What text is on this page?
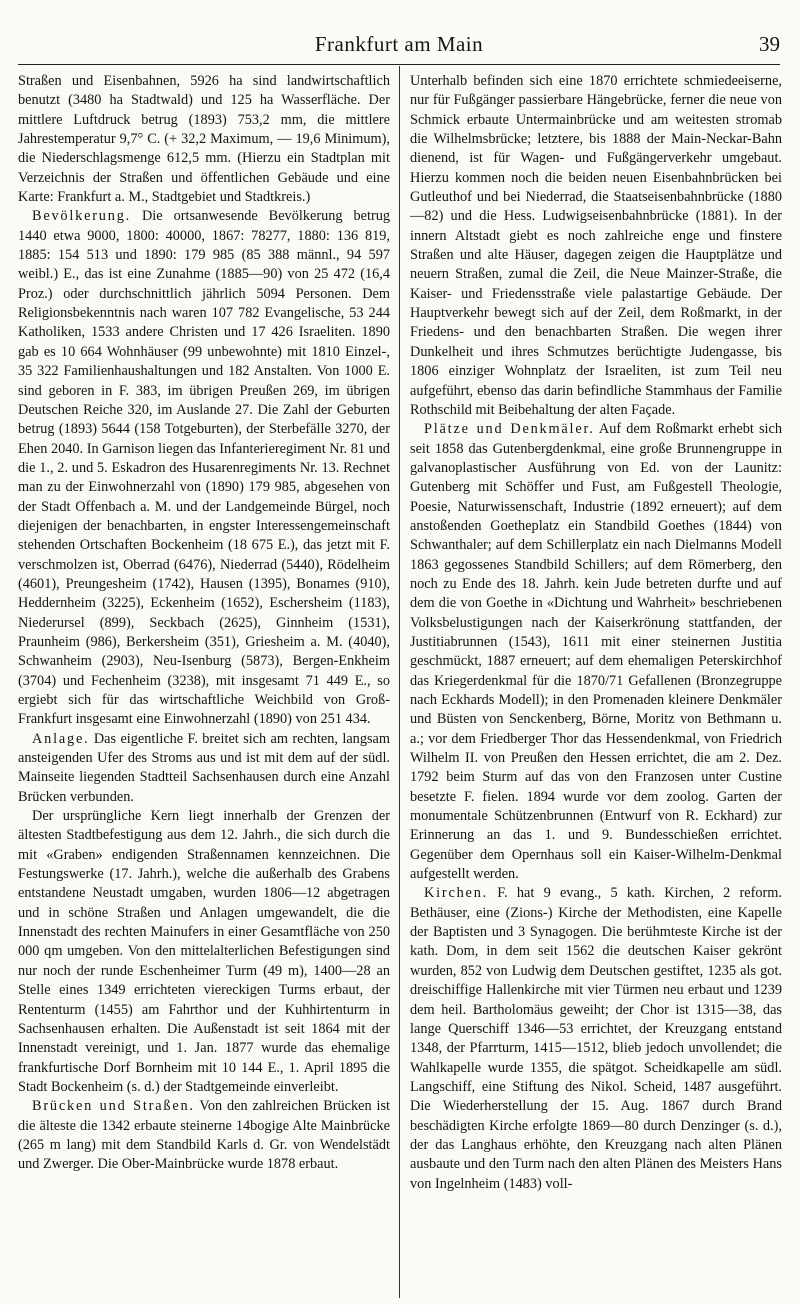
Frankfurt am Main	39

Straßen und Eisenbahnen, 5926 ha sind landwirtschaftlich benutzt (3480 ha Stadtwald) und 125 ha Wasserfläche. Der mittlere Luftdruck betrug (1893) 753,2 mm, die mittlere Jahrestemperatur 9,7° C. (+ 32,2 Maximum, — 19,6 Minimum), die Niederschlagsmenge 612,5 mm. (Hierzu ein Stadtplan mit Verzeichnis der Straßen und öffentlichen Gebäude und eine Karte: Frankfurt a. M., Stadtgebiet und Stadtkreis.)

Bevölkerung. Die ortsanwesende Bevölkerung betrug 1440 etwa 9000, 1800: 40000, 1867: 78277, 1880: 136 819, 1885: 154 513 und 1890: 179 985 (85 388 männl., 94 597 weibl.) E., das ist eine Zunahme (1885—90) von 25 472 (16,4 Proz.) oder durchschnittlich jährlich 5094 Personen. Dem Religionsbekenntnis nach waren 107 782 Evangelische, 53 244 Katholiken, 1533 andere Christen und 17 426 Israeliten. 1890 gab es 10 664 Wohnhäuser (99 unbewohnte) mit 1810 Einzel-, 35 322 Familienhaushaltungen und 182 Anstalten. Von 1000 E. sind geboren in F. 383, im übrigen Preußen 269, im übrigen Deutschen Reiche 320, im Auslande 27. Die Zahl der Geburten betrug (1893) 5644 (158 Totgeburten), der Sterbefälle 3270, der Ehen 2040. In Garnison liegen das Infanterieregiment Nr. 81 und die 1., 2. und 5. Eskadron des Husarenregiments Nr. 13. Rechnet man zu der Einwohnerzahl von (1890) 179 985, abgesehen von der Stadt Offenbach a. M. und der Landgemeinde Bürgel, noch diejenigen der benachbarten, in engster Interessengemeinschaft stehenden Ortschaften Bockenheim (18 675 E.), das jetzt mit F. verschmolzen ist, Oberrad (6476), Niederrad (5440), Rödelheim (4601), Preungesheim (1742), Hausen (1395), Bonames (910), Heddernheim (3225), Eckenheim (1652), Eschersheim (1183), Niederursel (899), Seckbach (2625), Ginnheim (1531), Praunheim (986), Berkersheim (351), Griesheim a. M. (4040), Schwanheim (2903), Neu-Isenburg (5873), Bergen-Enkheim (3704) und Fechenheim (3238), mit insgesamt 71 449 E., so ergiebt sich für das wirtschaftliche Weichbild von Groß-Frankfurt insgesamt eine Einwohnerzahl (1890) von 251 434.

Anlage. Das eigentliche F. breitet sich am rechten, langsam ansteigenden Ufer des Stroms aus und ist mit dem auf der südl. Mainseite liegenden Stadtteil Sachsenhausen durch eine Anzahl Brücken verbunden.

Der ursprüngliche Kern liegt innerhalb der Grenzen der ältesten Stadtbefestigung aus dem 12. Jahrh., die sich durch die mit «Graben» endigenden Straßennamen kennzeichnen. Die Festungswerke (17. Jahrh.), welche die außerhalb des Grabens entstandene Neustadt umgaben, wurden 1806—12 abgetragen und in schöne Straßen und Anlagen umgewandelt, die die Innenstadt des rechten Mainufers in einer Gesamtfläche von 250 000 qm umgeben. Von den mittelalterlichen Befestigungen sind nur noch der runde Eschenheimer Turm (49 m), 1400—28 an Stelle eines 1349 errichteten viereckigen Turms erbaut, der Rententurm (1455) am Fahrthor und der Kuhhirtenturm in Sachsenhausen erhalten. Die Außenstadt ist seit 1864 mit der Innenstadt vereinigt, und 1. Jan. 1877 wurde das ehemalige frankfurtische Dorf Bornheim mit 10 144 E., 1. April 1895 die Stadt Bockenheim (s. d.) der Stadtgemeinde einverleibt.

Brücken und Straßen. Von den zahlreichen Brücken ist die älteste die 1342 erbaute steinerne 14bogige Alte Mainbrücke (265 m lang) mit dem Standbild Karls d. Gr. von Wendelstädt und Zwerger. Die Ober-Mainbrücke wurde 1878 erbaut.

Unterhalb befinden sich eine 1870 errichtete schmiedeeiserne, nur für Fußgänger passierbare Hängebrücke, ferner die neue von Schmick erbaute Untermainbrücke und am weitesten stromab die Wilhelmsbrücke; letztere, bis 1888 der Main-Neckar-Bahn dienend, ist für Wagen- und Fußgängerverkehr umgebaut. Hierzu kommen noch die beiden neuen Eisenbahnbrücken bei Gutleuthof und bei Niederrad, die Staatseisenbahnbrücke (1880—82) und die Hess. Ludwigseisenbahnbrücke (1881). In der innern Altstadt giebt es noch zahlreiche enge und finstere Straßen und alte Häuser, dagegen zeigen die Hauptplätze und neuern Straßen, zumal die Zeil, die Neue Mainzer-Straße, die Kaiser- und Friedensstraße viele palastartige Gebäude. Der Hauptverkehr bewegt sich auf der Zeil, dem Roßmarkt, in der Friedens- und den benachbarten Straßen. Die wegen ihrer Dunkelheit und ihres Schmutzes berüchtigte Judengasse, bis 1806 einziger Wohnplatz der Israeliten, ist zum Teil neu aufgeführt, ebenso das darin befindliche Stammhaus der Familie Rothschild mit Beibehaltung der alten Façade.

Plätze und Denkmäler. Auf dem Roßmarkt erhebt sich seit 1858 das Gutenbergdenkmal, eine große Brunnengruppe in galvanoplastischer Ausführung von Ed. von der Launitz: Gutenberg mit Schöffer und Fust, am Fußgestell Theologie, Poesie, Naturwissenschaft, Industrie (1892 erneuert); auf dem anstoßenden Goetheplatz ein Standbild Goethes (1844) von Schwanthaler; auf dem Schillerplatz ein nach Dielmanns Modell 1863 gegossenes Standbild Schillers; auf dem Römerberg, den noch zu Ende des 18. Jahrh. kein Jude betreten durfte und auf dem die von Goethe in «Dichtung und Wahrheit» beschriebenen Volksbelustigungen nach der Kaiserkrönung stattfanden, der Justitiabrunnen (1543), 1611 mit einer steinernen Justitia geschmückt, 1887 erneuert; auf dem ehemaligen Peterskirchhof das Kriegerdenkmal für die 1870/71 Gefallenen (Bronzegruppe nach Eckhards Modell); in den Promenaden kleinere Denkmäler und Büsten von Senckenberg, Börne, Moritz von Bethmann u. a.; vor dem Friedberger Thor das Hessendenkmal, von Friedrich Wilhelm II. von Preußen den Hessen errichtet, die am 2. Dez. 1792 beim Sturm auf das von den Franzosen unter Custine besetzte F. fielen. 1894 wurde vor dem zoolog. Garten der monumentale Schützenbrunnen (Entwurf von R. Eckhard) zur Erinnerung an das 1. und 9. Bundesschießen errichtet. Gegenüber dem Opernhaus soll ein Kaiser-Wilhelm-Denkmal aufgestellt werden.

Kirchen. F. hat 9 evang., 5 kath. Kirchen, 2 reform. Bethäuser, eine (Zions-) Kirche der Methodisten, eine Kapelle der Baptisten und 3 Synagogen. Die berühmteste Kirche ist der kath. Dom, in dem seit 1562 die deutschen Kaiser gekrönt wurden, 852 von Ludwig dem Deutschen gestiftet, 1235 als got. dreischiffige Hallenkirche mit vier Türmen neu erbaut und 1239 dem heil. Bartholomäus geweiht; der Chor ist 1315—38, das lange Querschiff 1346—53 errichtet, der Kreuzgang entstand 1348, der Pfarrturm, 1415—1512, blieb jedoch unvollendet; die Wahlkapelle wurde 1355, die spätgot. Scheidkapelle am südl. Langschiff, eine Stiftung des Nikol. Scheid, 1487 ausgeführt. Die Wiederherstellung der 15. Aug. 1867 durch Brand beschädigten Kirche erfolgte 1869—80 durch Denzinger (s. d.), der das Langhaus erhöhte, den Kreuzgang nach alten Plänen ausbaute und den Turm nach den alten Plänen des Meisters Hans von Ingelnheim (1483) voll-
